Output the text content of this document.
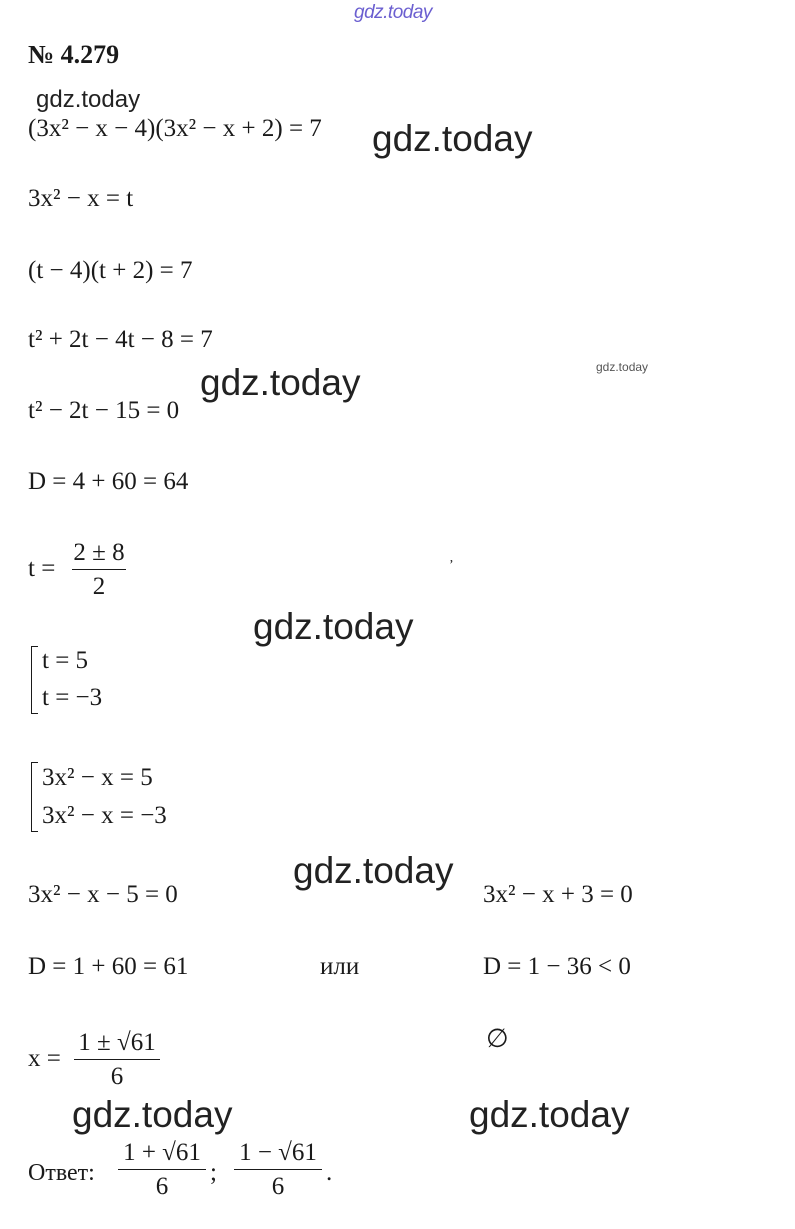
gdz.today
gdz.today
gdz.today
gdz.today
gdz.today
gdz.today
gdz.today
gdz.today	gdz.today
№ 4.279
(3x² − x − 4)(3x² − x + 2) = 7
3x² − x = t
(t − 4)(t + 2) = 7
t² + 2t − 4t − 8 = 7
t² − 2t − 15 = 0
D = 4 + 60 = 64
t =
2 ± 8
2
ʼ
t = 5
t = −3
3x² − x = 5
3x² − x = −3
3x² − x − 5 = 0	3x² − x + 3 = 0
D = 1 + 60 = 61	или	D = 1 − 36 < 0
x =
1 ± √61
6
∅
Ответ:
1 + √61
6
;
1 − √61
6
.
